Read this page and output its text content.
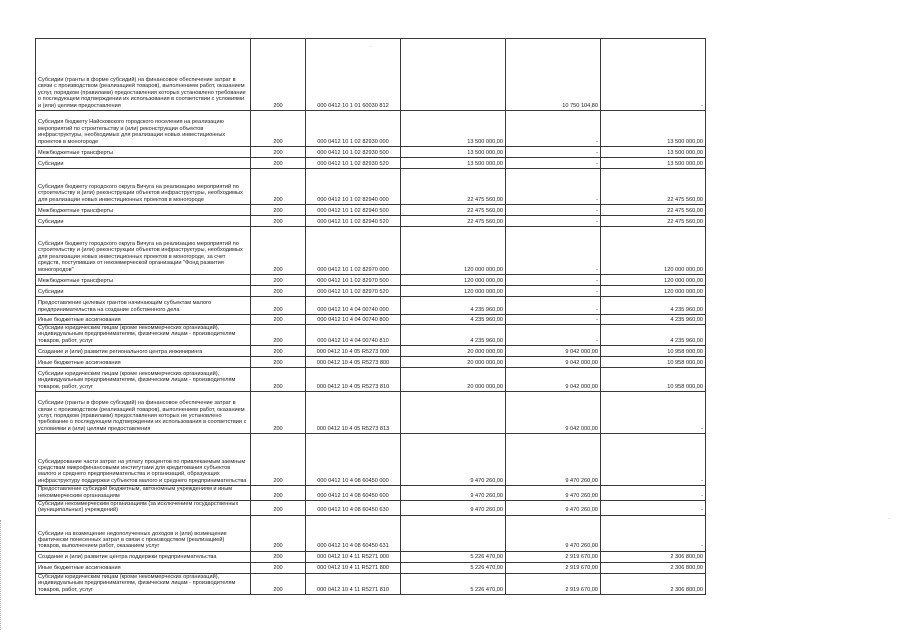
·
·
Субсидии (гранты в форме субсидий) на финансовое обеспечение затрат в связи с производством (реализацией товаров), выполнением работ, оказанием услуг, порядком (правилами) предоставления которых установлено требование о последующем подтверждении их использования в соответствии с условиями и (или) целями предоставления	200	000 0412 10 1 01 60030 812		10 750 104,80	-
Субсидия бюджету Найсковского городского поселения на реализацию мероприятий по строительству и (или) реконструкции объектов инфраструктуры, необходимых для реализации новых инвестиционных проектов в моногороде	200	000 0412 10 1 02 82930 000	13 500 000,00	-	13 500 000,00
Межбюджетные трансферты	200	000 0412 10 1 02 82930 500	13 500 000,00	-	13 500 000,00
Субсидии	200	000 0412 10 1 02 82930 520	13 500 000,00	-	13 500 000,00
Субсидия бюджету городского округа Вичуга на реализацию мероприятий по строительству и (или) реконструкции объектов инфраструктуры, необходимых для реализации новых инвестиционных проектов в моногороде	200	000 0412 10 1 02 82940 000	22 475 560,00	-	22 475 560,00
Межбюджетные трансферты	200	000 0412 10 1 02 82940 500	22 475 560,00	-	22 475 560,00
Субсидии	200	000 0412 10 1 02 82940 520	22 475 560,00	-	22 475 560,00
Субсидия бюджету городского округа Вичуга на реализацию мероприятий по строительству и (или) реконструкции объектов инфраструктуры, необходимых для реализации новых инвестиционных проектов в моногороде, за счет средств, поступивших от некоммерческой организации "Фонд развития моногородов"	200	000 0412 10 1 02 82970 000	120 000 000,00	-	120 000 000,00
Межбюджетные трансферты	200	000 0412 10 1 02 82970 500	120 000 000,00	-	120 000 000,00
Субсидии	200	000 0412 10 1 02 82970 520	120 000 000,00	-	120 000 000,00
Предоставление целевых грантов начинающим субъектам малого предпринимательства на создание собственного дела	200	000 0412 10 4 04 00740 000	4 235 960,00	-	4 235 960,00
Иные бюджетные ассигнования	200	000 0412 10 4 04 00740 800	4 235 960,00	-	4 235 960,00
Субсидии юридическим лицам (кроме некоммерческих организаций), индивидуальным предпринимателям, физическим лицам - производителям товаров, работ, услуг	200	000 0412 10 4 04 00740 810	4 235 960,00	-	4 235 960,00
Создание и (или) развитие регионального центра инжиниринга	200	000 0412 10 4 05 R5273 000	20 000 000,00	9 042 000,00	10 958 000,00
Иные бюджетные ассигнования	200	000 0412 10 4 05 R5273 800	20 000 000,00	9 042 000,00	10 958 000,00
Субсидии юридическим лицам (кроме некоммерческих организаций), индивидуальным предпринимателям, физическим лицам - производителям товаров, работ, услуг	200	000 0412 10 4 05 R5273 810	20 000 000,00	9 042 000,00	10 958 000,00
Субсидии (гранты в форме субсидий) на финансовое обеспечение затрат в связи с производством (реализацией товаров), выполнением работ, оказанием услуг, порядком (правилами) предоставления которых не установлено требование о последующем подтверждении их использования в соответствии с условиями и (или) целями предоставления	200	000 0412 10 4 05 R5273 813		9 042 000,00	-
Субсидирование части затрат на уплату процентов по привлекаемым заемным средствам микрофинансовыми институтами для кредитования субъектов малого и среднего предпринимательства и организаций, образующих инфраструктуру поддержки субъектов малого и среднего предпринимательства	200	000 0412 10 4 08 60450 000	9 470 260,00	9 470 260,00	-
Предоставление субсидий бюджетным, автономным учреждениям и иным некоммерческим организациям	200	000 0412 10 4 08 60450 600	9 470 260,00	9 470 260,00	-
Субсидии некоммерческим организациям (за исключением государственных (муниципальных) учреждений)	200	000 0412 10 4 08 60450 630	9 470 260,00	9 470 260,00	-
Субсидии на возмещение недополученных доходов и (или) возмещение фактически понесенных затрат в связи с производством (реализацией) товаров, выполнением работ, оказанием услуг	200	000 0412 10 4 08 60450 631		9 470 260,00	-
Создание и (или) развитие центра поддержки предпринимательства	200	000 0412 10 4 11 R5271 000	5 226 470,00	2 919 670,00	2 306 800,00
Иные бюджетные ассигнования	200	000 0412 10 4 11 R5271 800	5 226 470,00	2 919 670,00	2 306 800,00
Субсидии юридическим лицам (кроме некоммерческих организаций), индивидуальным предпринимателям, физическим лицам - производителям товаров, работ, услуг	200	000 0412 10 4 11 R5271 810	5 226 470,00	2 919 670,00	2 306 800,00
